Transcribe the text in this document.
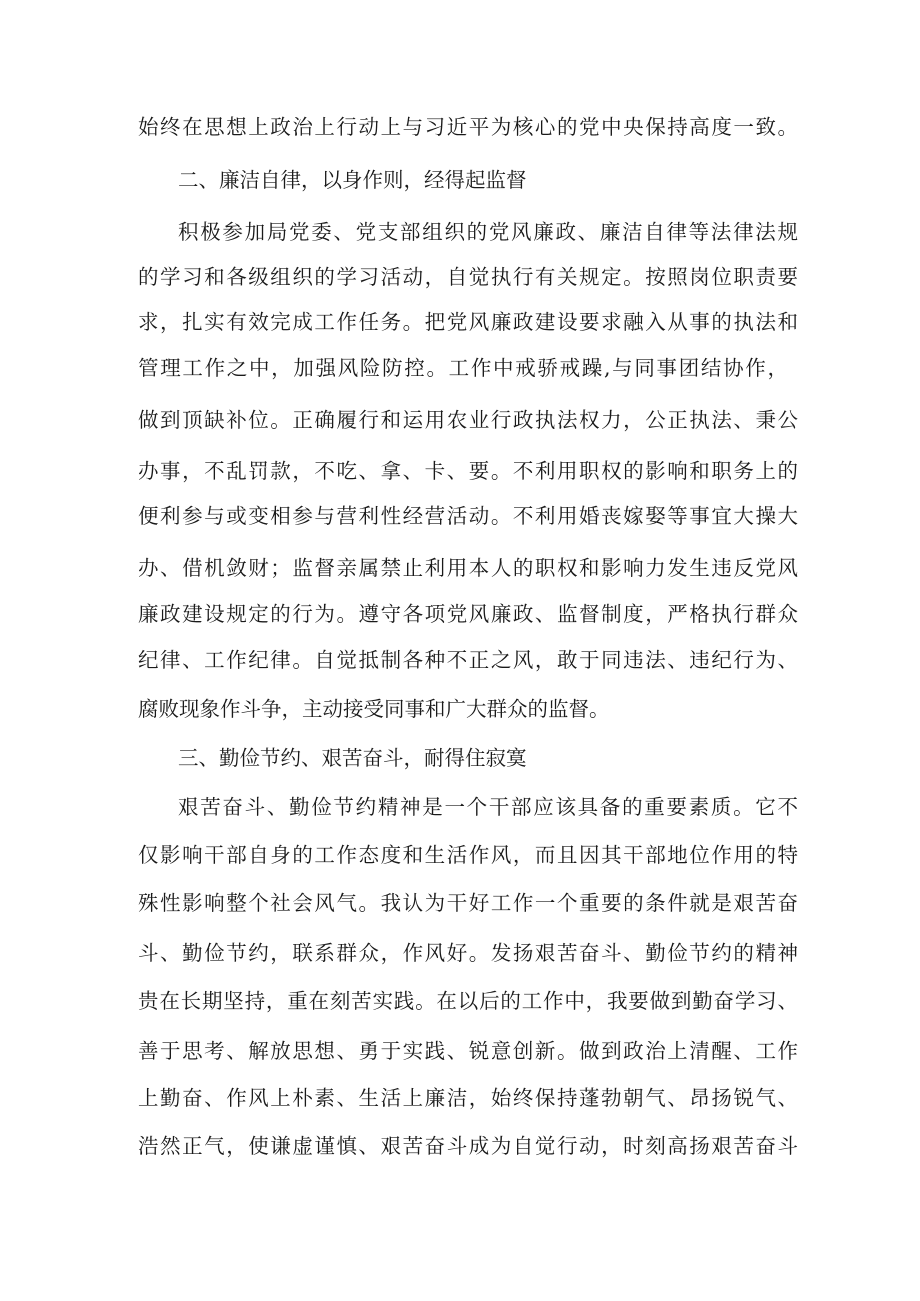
始终在思想上政治上行动上与习近平为核心的党中央保持高度一致。
二、廉洁自律，以身作则，经得起监督
积极参加局党委、党支部组织的党风廉政、廉洁自律等法律法规
的学习和各级组织的学习活动，自觉执行有关规定。按照岗位职责要
求，扎实有效完成工作任务。把党风廉政建设要求融入从事的执法和
管理工作之中，加强风险防控。工作中戒骄戒躁,与同事团结协作，
做到顶缺补位。正确履行和运用农业行政执法权力，公正执法、秉公
办事，不乱罚款，不吃、拿、卡、要。不利用职权的影响和职务上的
便利参与或变相参与营利性经营活动。不利用婚丧嫁娶等事宜大操大
办、借机敛财；监督亲属禁止利用本人的职权和影响力发生违反党风
廉政建设规定的行为。遵守各项党风廉政、监督制度，严格执行群众
纪律、工作纪律。自觉抵制各种不正之风，敢于同违法、违纪行为、
腐败现象作斗争，主动接受同事和广大群众的监督。
三、勤俭节约、艰苦奋斗，耐得住寂寞
艰苦奋斗、勤俭节约精神是一个干部应该具备的重要素质。它不
仅影响干部自身的工作态度和生活作风，而且因其干部地位作用的特
殊性影响整个社会风气。我认为干好工作一个重要的条件就是艰苦奋
斗、勤俭节约，联系群众，作风好。发扬艰苦奋斗、勤俭节约的精神
贵在长期坚持，重在刻苦实践。在以后的工作中，我要做到勤奋学习、
善于思考、解放思想、勇于实践、锐意创新。做到政治上清醒、工作
上勤奋、作风上朴素、生活上廉洁，始终保持蓬勃朝气、昂扬锐气、
浩然正气，使谦虚谨慎、艰苦奋斗成为自觉行动，时刻高扬艰苦奋斗
